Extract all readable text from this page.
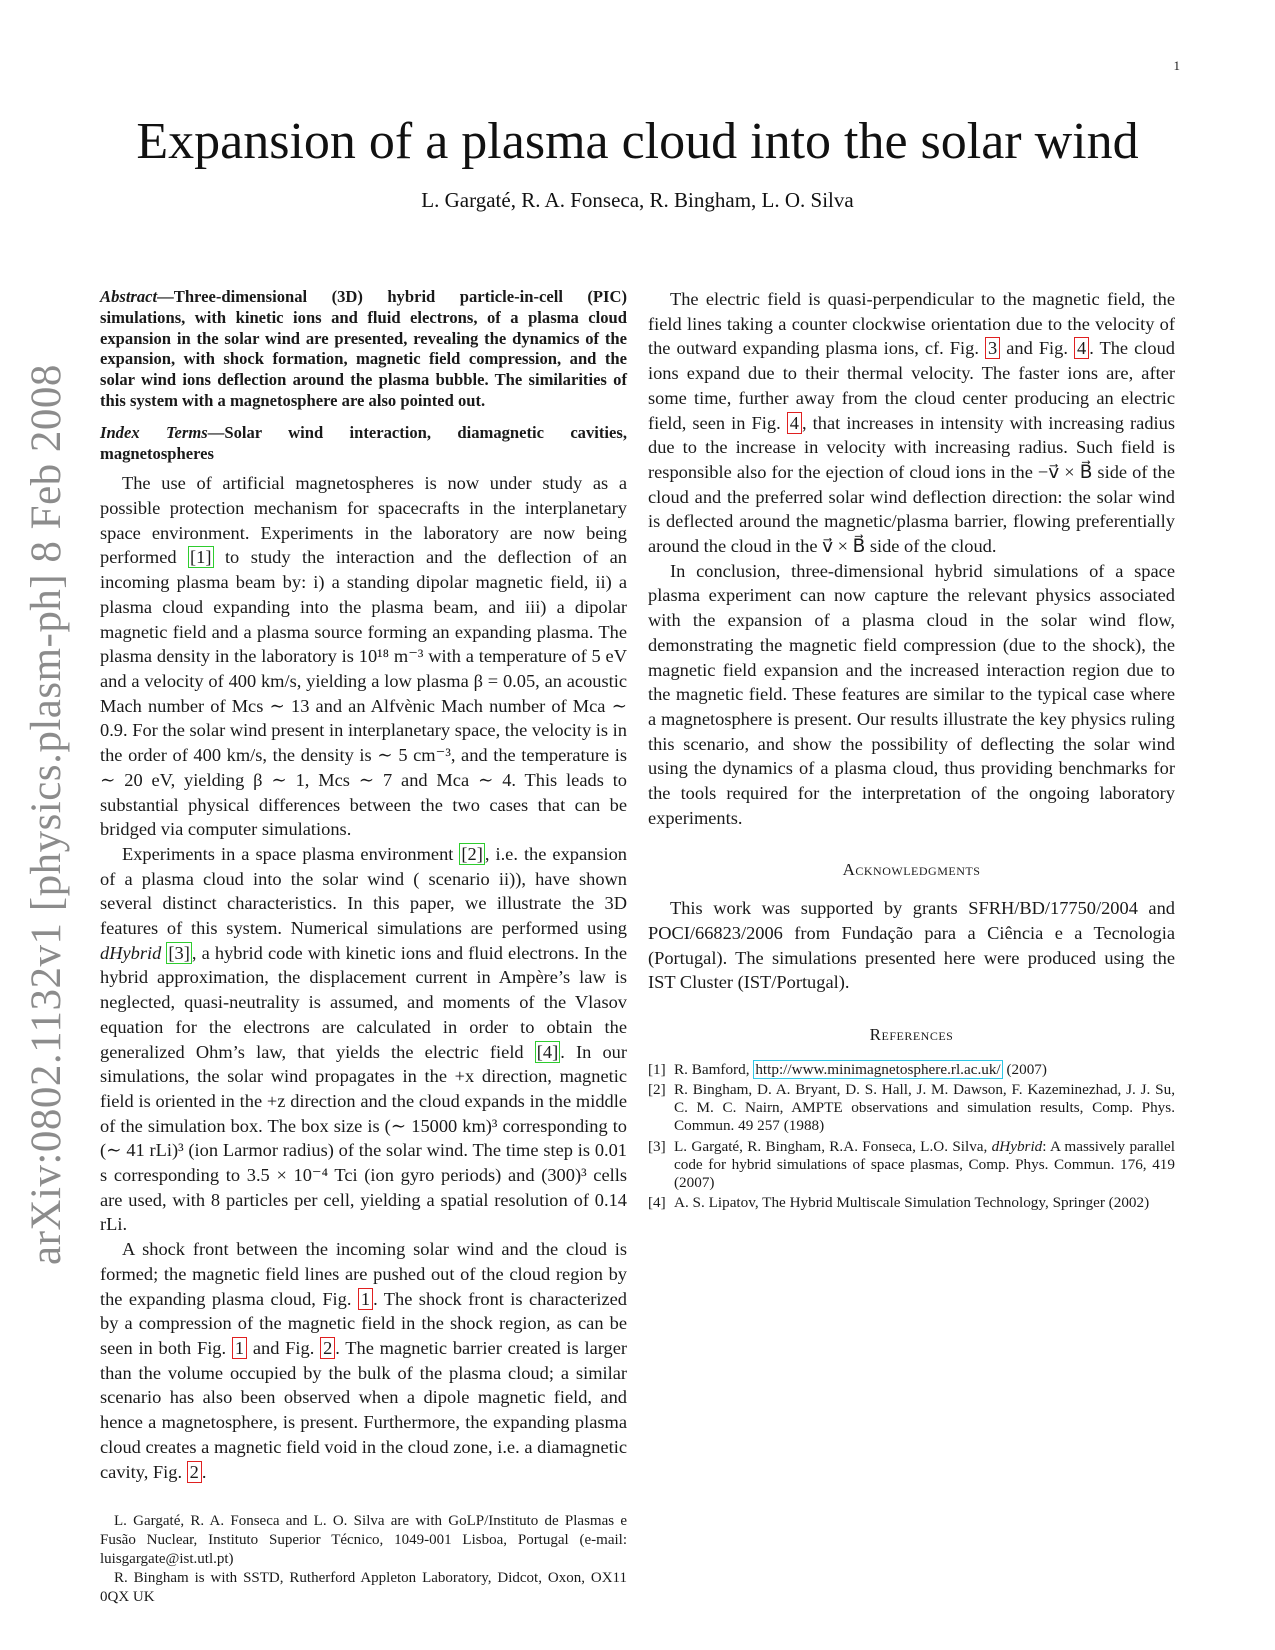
1
arXiv:0802.1132v1 [physics.plasm-ph] 8 Feb 2008
Expansion of a plasma cloud into the solar wind
L. Gargaté, R. A. Fonseca, R. Bingham, L. O. Silva

Abstract—Three-dimensional (3D) hybrid particle-in-cell (PIC) simulations, with kinetic ions and fluid electrons, of a plasma cloud expansion in the solar wind are presented, revealing the dynamics of the expansion, with shock formation, magnetic field compression, and the solar wind ions deflection around the plasma bubble. The similarities of this system with a magnetosphere are also pointed out.

Index Terms—Solar wind interaction, diamagnetic cavities, magnetospheres

The use of artificial magnetospheres is now under study as a possible protection mechanism for spacecrafts in the interplanetary space environment. Experiments in the laboratory are now being performed [1] to study the interaction and the deflection of an incoming plasma beam by: i) a standing dipolar magnetic field, ii) a plasma cloud expanding into the plasma beam, and iii) a dipolar magnetic field and a plasma source forming an expanding plasma. The plasma density in the laboratory is 10¹⁸ m⁻³ with a temperature of 5 eV and a velocity of 400 km/s, yielding a low plasma β = 0.05, an acoustic Mach number of Mcs ∼ 13 and an Alfvènic Mach number of Mca ∼ 0.9. For the solar wind present in interplanetary space, the velocity is in the order of 400 km/s, the density is ∼ 5 cm⁻³, and the temperature is ∼ 20 eV, yielding β ∼ 1, Mcs ∼ 7 and Mca ∼ 4. This leads to substantial physical differences between the two cases that can be bridged via computer simulations.

Experiments in a space plasma environment [2] , i.e. the expansion of a plasma cloud into the solar wind ( scenario ii)), have shown several distinct characteristics. In this paper, we illustrate the 3D features of this system. Numerical simulations are performed using dHybrid [3] , a hybrid code with kinetic ions and fluid electrons. In the hybrid approximation, the displacement current in Ampère’s law is neglected, quasi-neutrality is assumed, and moments of the Vlasov equation for the electrons are calculated in order to obtain the generalized Ohm’s law, that yields the electric field [4] . In our simulations, the solar wind propagates in the +x direction, magnetic field is oriented in the +z direction and the cloud expands in the middle of the simulation box. The box size is (∼ 15000 km)³ corresponding to (∼ 41 rLi)³ (ion Larmor radius) of the solar wind. The time step is 0.01 s corresponding to 3.5 × 10⁻⁴ Tci (ion gyro periods) and (300)³ cells are used, with 8 particles per cell, yielding a spatial resolution of 0.14 rLi.

A shock front between the incoming solar wind and the cloud is formed; the magnetic field lines are pushed out of the cloud region by the expanding plasma cloud, Fig. 1 . The shock front is characterized by a compression of the magnetic field in the shock region, as can be seen in both Fig. 1 and Fig. 2 . The magnetic barrier created is larger than the volume occupied by the bulk of the plasma cloud; a similar scenario has also been observed when a dipole magnetic field, and hence a magnetosphere, is present. Furthermore, the expanding plasma cloud creates a magnetic field void in the cloud zone, i.e. a diamagnetic cavity, Fig. 2 .

L. Gargaté, R. A. Fonseca and L. O. Silva are with GoLP/Instituto de Plasmas e Fusão Nuclear, Instituto Superior Técnico, 1049-001 Lisboa, Portugal (e-mail: luisgargate@ist.utl.pt)

R. Bingham is with SSTD, Rutherford Appleton Laboratory, Didcot, Oxon, OX11 0QX UK

The electric field is quasi-perpendicular to the magnetic field, the field lines taking a counter clockwise orientation due to the velocity of the outward expanding plasma ions, cf. Fig. 3 and Fig. 4 . The cloud ions expand due to their thermal velocity. The faster ions are, after some time, further away from the cloud center producing an electric field, seen in Fig. 4 , that increases in intensity with increasing radius due to the increase in velocity with increasing radius. Such field is responsible also for the ejection of cloud ions in the −v⃗ × B⃗ side of the cloud and the preferred solar wind deflection direction: the solar wind is deflected around the magnetic/plasma barrier, flowing preferentially around the cloud in the v⃗ × B⃗ side of the cloud.

In conclusion, three-dimensional hybrid simulations of a space plasma experiment can now capture the relevant physics associated with the expansion of a plasma cloud in the solar wind flow, demonstrating the magnetic field compression (due to the shock), the magnetic field expansion and the increased interaction region due to the magnetic field. These features are similar to the typical case where a magnetosphere is present. Our results illustrate the key physics ruling this scenario, and show the possibility of deflecting the solar wind using the dynamics of a plasma cloud, thus providing benchmarks for the tools required for the interpretation of the ongoing laboratory experiments.

Acknowledgments

This work was supported by grants SFRH/BD/17750/2004 and POCI/66823/2006 from Fundação para a Ciência e a Tecnologia (Portugal). The simulations presented here were produced using the IST Cluster (IST/Portugal).

References
[1] R. Bamford, http://www.minimagnetosphere.rl.ac.uk/ (2007)
[2] R. Bingham, D. A. Bryant, D. S. Hall, J. M. Dawson, F. Kazeminezhad, J. J. Su, C. M. C. Nairn, AMPTE observations and simulation results, Comp. Phys. Commun. 49 257 (1988)
[3] L. Gargaté, R. Bingham, R.A. Fonseca, L.O. Silva, dHybrid: A massively parallel code for hybrid simulations of space plasmas, Comp. Phys. Commun. 176, 419 (2007)
[4] A. S. Lipatov, The Hybrid Multiscale Simulation Technology, Springer (2002)
